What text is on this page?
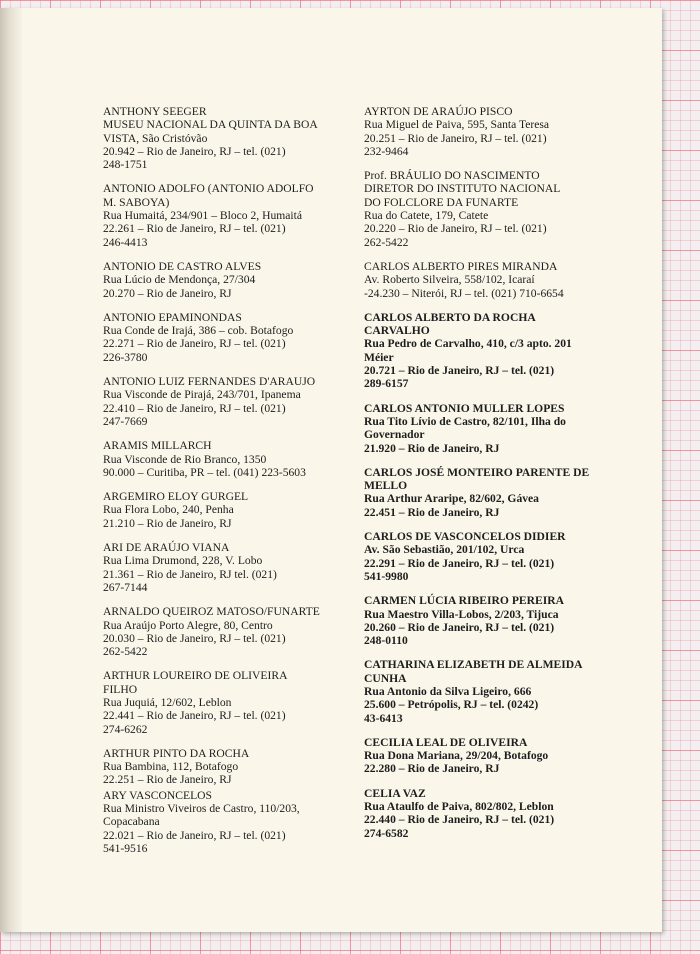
ANTHONY SEEGER
MUSEU NACIONAL DA QUINTA DA BOA
VISTA, São Cristóvão
20.942 – Rio de Janeiro, RJ – tel. (021)
248-1751
ANTONIO ADOLFO (ANTONIO ADOLFO
M. SABOYA)
Rua Humaitá, 234/901 – Bloco 2, Humaitá
22.261 – Rio de Janeiro, RJ – tel. (021)
246-4413
ANTONIO DE CASTRO ALVES
Rua Lúcio de Mendonça, 27/304
20.270 – Rio de Janeiro, RJ
ANTONIO EPAMINONDAS
Rua Conde de Irajá, 386 – cob. Botafogo
22.271 – Rio de Janeiro, RJ – tel. (021)
226-3780
ANTONIO LUIZ FERNANDES D'ARAUJO
Rua Visconde de Pirajá, 243/701, Ipanema
22.410 – Rio de Janeiro, RJ – tel. (021)
247-7669
ARAMIS MILLARCH
Rua Visconde de Rio Branco, 1350
90.000 – Curitiba, PR – tel. (041) 223-5603
ARGEMIRO ELOY GURGEL
Rua Flora Lobo, 240, Penha
21.210 – Rio de Janeiro, RJ
ARI DE ARAÚJO VIANA
Rua Lima Drumond, 228, V. Lobo
21.361 – Rio de Janeiro, RJ tel. (021)
267-7144
ARNALDO QUEIROZ MATOSO/FUNARTE
Rua Araújo Porto Alegre, 80, Centro
20.030 – Rio de Janeiro, RJ – tel. (021)
262-5422
ARTHUR LOUREIRO DE OLIVEIRA
FILHO
Rua Juquiá, 12/602, Leblon
22.441 – Rio de Janeiro, RJ – tel. (021)
274-6262
ARTHUR PINTO DA ROCHA
Rua Bambina, 112, Botafogo
22.251 – Rio de Janeiro, RJ
ARY VASCONCELOS
Rua Ministro Viveiros de Castro, 110/203,
Copacabana
22.021 – Rio de Janeiro, RJ – tel. (021)
541-9516
AYRTON DE ARAÚJO PISCO
Rua Miguel de Paiva, 595, Santa Teresa
20.251 – Rio de Janeiro, RJ – tel. (021)
232-9464
Prof. BRÁULIO DO NASCIMENTO
DIRETOR DO INSTITUTO NACIONAL
DO FOLCLORE DA FUNARTE
Rua do Catete, 179, Catete
20.220 – Rio de Janeiro, RJ – tel. (021)
262-5422
CARLOS ALBERTO PIRES MIRANDA
Av. Roberto Silveira, 558/102, Icaraí
-24.230 – Niterói, RJ – tel. (021) 710-6654
CARLOS ALBERTO DA ROCHA
CARVALHO
Rua Pedro de Carvalho, 410, c/3 apto. 201
Méier
20.721 – Rio de Janeiro, RJ – tel. (021)
289-6157
CARLOS ANTONIO MULLER LOPES
Rua Tito Lívio de Castro, 82/101, Ilha do
Governador
21.920 – Rio de Janeiro, RJ
CARLOS JOSÉ MONTEIRO PARENTE DE
MELLO
Rua Arthur Araripe, 82/602, Gávea
22.451 – Rio de Janeiro, RJ
CARLOS DE VASCONCELOS DIDIER
Av. São Sebastião, 201/102, Urca
22.291 – Rio de Janeiro, RJ – tel. (021)
541-9980
CARMEN LÚCIA RIBEIRO PEREIRA
Rua Maestro Villa-Lobos, 2/203, Tijuca
20.260 – Rio de Janeiro, RJ – tel. (021)
248-0110
CATHARINA ELIZABETH DE ALMEIDA
CUNHA
Rua Antonio da Silva Ligeiro, 666
25.600 – Petrópolis, RJ – tel. (0242)
43-6413
CECILIA LEAL DE OLIVEIRA
Rua Dona Mariana, 29/204, Botafogo
22.280 – Rio de Janeiro, RJ
CELIA VAZ
Rua Ataulfo de Paiva, 802/802, Leblon
22.440 – Rio de Janeiro, RJ – tel. (021)
274-6582
